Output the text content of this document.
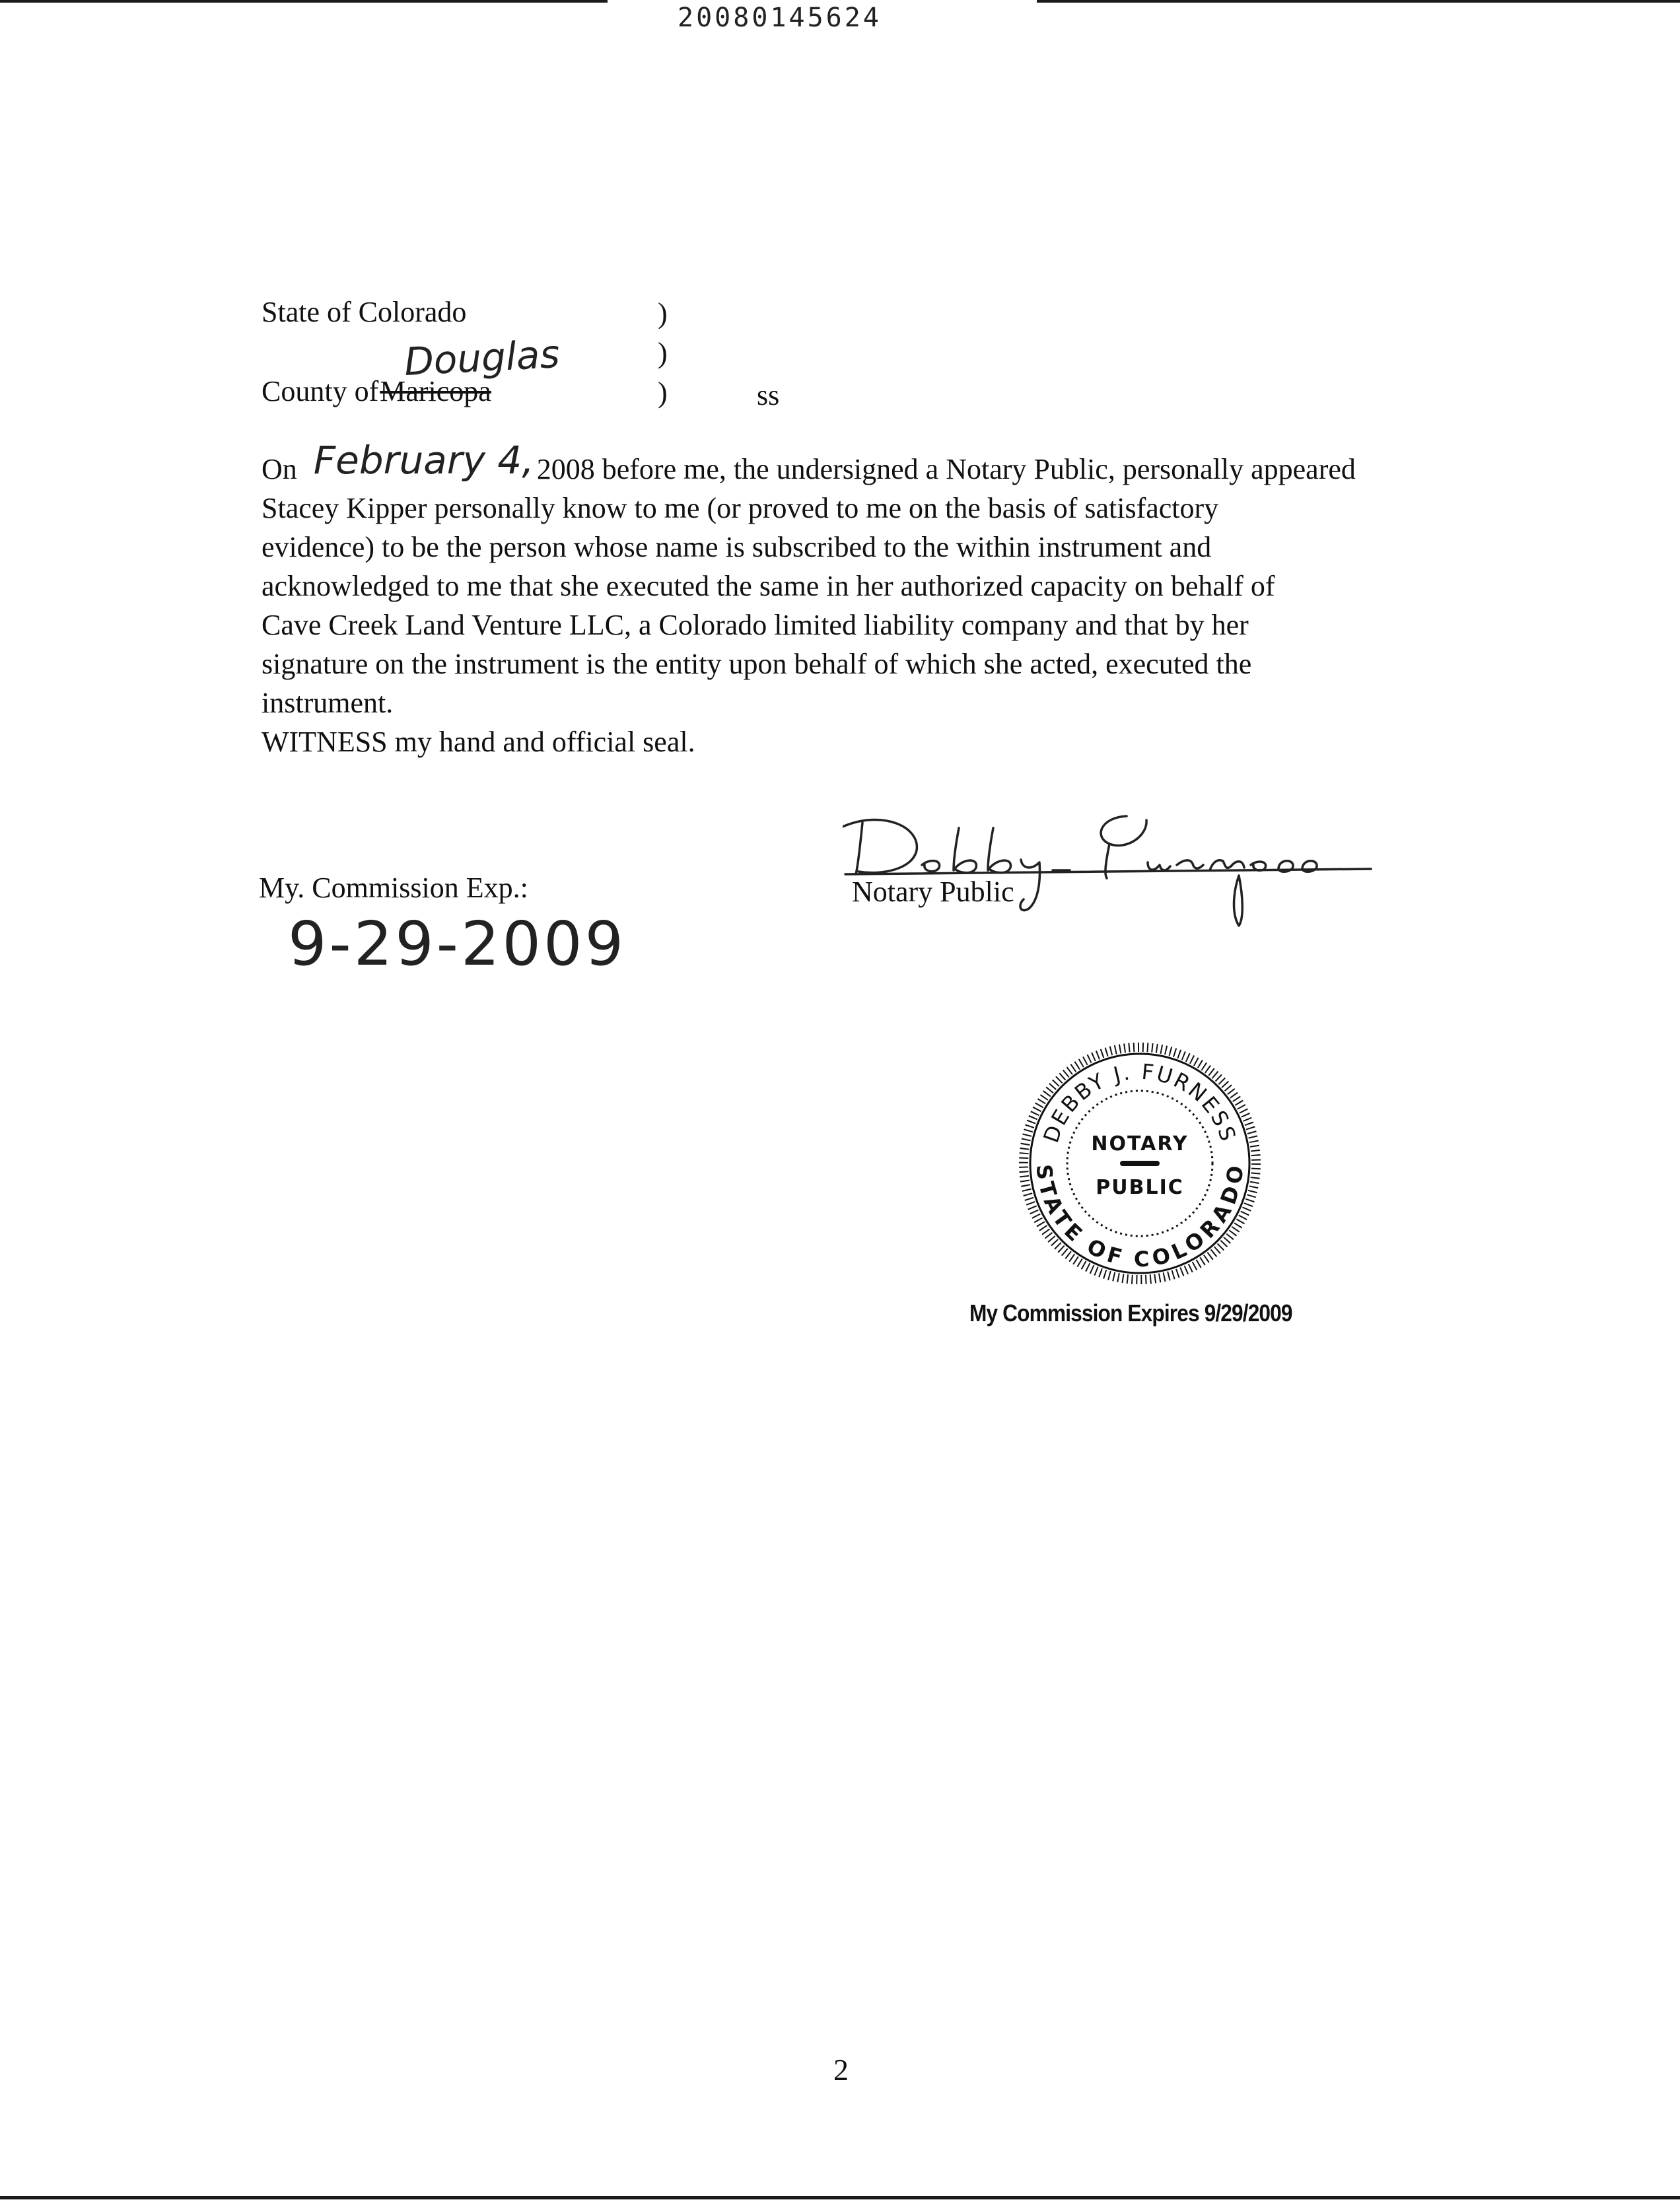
20080145624
State of Colorado	)
)
)
County ofMaricopa
Douglas
ss
On February 4,2008 before me, the undersigned a Notary Public, personally appeared
Stacey Kipper personally know to me (or proved to me on the basis of satisfactory
evidence) to be the person whose name is subscribed to the within instrument and
acknowledged to me that she executed the same in her authorized capacity on behalf of
Cave Creek Land Venture LLC, a Colorado limited liability company and that by her
signature on the instrument is the entity upon behalf of which she acted, executed the
instrument.
WITNESS my hand and official seal.
My. Commission Exp.:
9-29-2009
Notary Public
DEBBY J. FURNESS
STATE OF COLORADO
NOTARY
PUBLIC
My Commission Expires 9/29/2009
2
